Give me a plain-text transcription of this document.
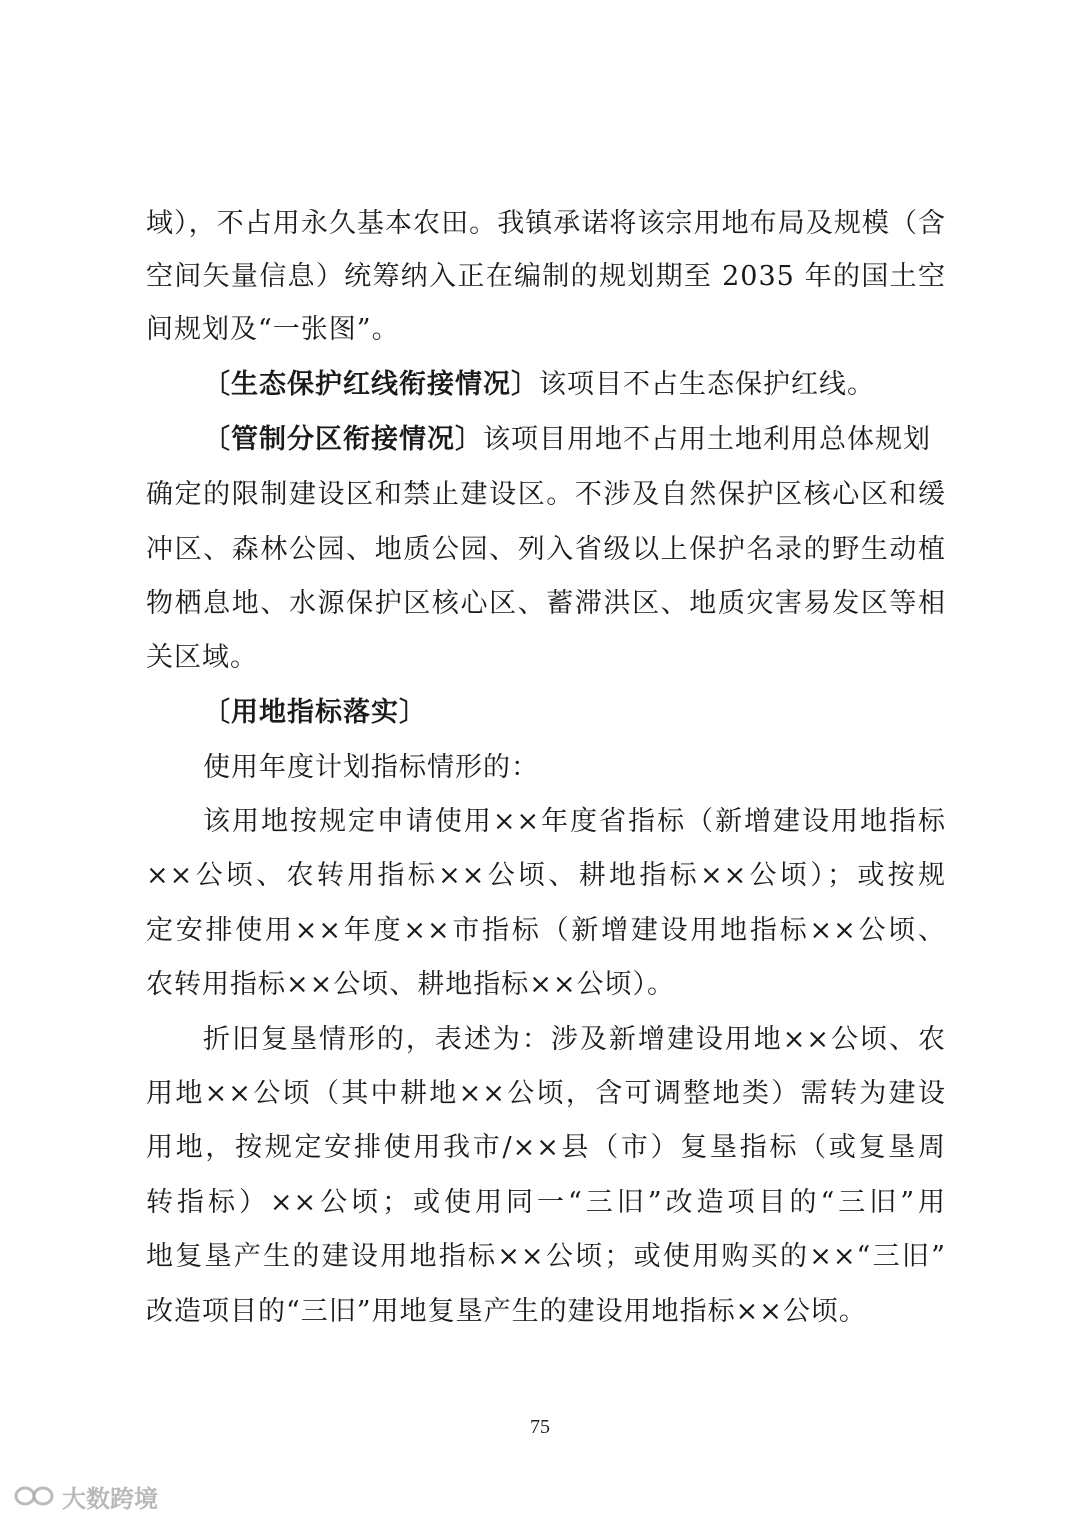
域），不占用永久基本农田。我镇承诺将该宗用地布局及规模（含
空间矢量信息）统筹纳入正在编制的规划期至 2035 年的国土空
间规划及“一张图”。
〔生态保护红线衔接情况〕该项目不占生态保护红线。
〔管制分区衔接情况〕该项目用地不占用土地利用总体规划
确定的限制建设区和禁止建设区。不涉及自然保护区核心区和缓
冲区、森林公园、地质公园、列入省级以上保护名录的野生动植
物栖息地、水源保护区核心区、蓄滞洪区、地质灾害易发区等相
关区域。
〔用地指标落实〕
使用年度计划指标情形的：
该用地按规定申请使用××年度省指标（新增建设用地指标
××公顷、农转用指标××公顷、耕地指标××公顷）；或按规
定安排使用××年度××市指标（新增建设用地指标××公顷、
农转用指标××公顷、耕地指标××公顷）。
折旧复垦情形的，表述为：涉及新增建设用地××公顷、农
用地××公顷（其中耕地××公顷，含可调整地类）需转为建设
用地，按规定安排使用我市/××县（市）复垦指标（或复垦周
转指标）××公顷；或使用同一“三旧”改造项目的“三旧”用
地复垦产生的建设用地指标××公顷；或使用购买的××“三旧”
改造项目的“三旧”用地复垦产生的建设用地指标××公顷。
75
大数跨境
